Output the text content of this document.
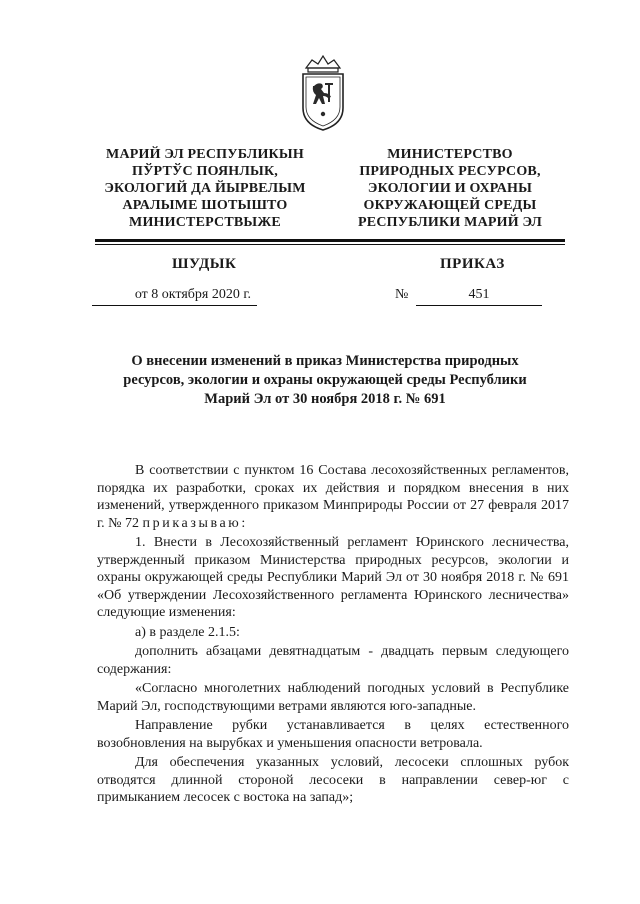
МАРИЙ ЭЛ РЕСПУБЛИКЫН
ПЎРТЎС ПОЯНЛЫК,
ЭКОЛОГИЙ ДА ЙЫРВЕЛЫМ
АРАЛЫМЕ ШОТЫШТО
МИНИСТЕРСТВЫЖЕ
МИНИСТЕРСТВО
ПРИРОДНЫХ РЕСУРСОВ,
ЭКОЛОГИИ И ОХРАНЫ
ОКРУЖАЮЩЕЙ СРЕДЫ
РЕСПУБЛИКИ МАРИЙ ЭЛ
ШУДЫК	ПРИКАЗ
от 8 октября 2020 г.	№	451
О внесении изменений в приказ Министерства природных
ресурсов, экологии и охраны окружающей среды Республики
Марий Эл от 30 ноября 2018 г. № 691

В соответствии с пунктом 16 Состава лесохозяйственных регламентов, порядка их разработки, сроках их действия и порядком внесения в них изменений, утвержденного приказом Минприроды России от 27 февраля 2017 г. № 72 приказываю:

1. Внести в Лесохозяйственный регламент Юринского лесничества, утвержденный приказом Министерства природных ресурсов, экологии и охраны окружающей среды Республики Марий Эл от 30 ноября 2018 г. № 691 «Об утверждении Лесохозяйственного регламента Юринского лесничества» следующие изменения:

а) в разделе 2.1.5:

дополнить абзацами девятнадцатым - двадцать первым следующего содержания:

«Согласно многолетних наблюдений погодных условий в Республике Марий Эл, господствующими ветрами являются юго-западные.

Направление рубки устанавливается в целях естественного возобновления на вырубках и уменьшения опасности ветровала.

Для обеспечения указанных условий, лесосеки сплошных рубок отводятся длинной стороной лесосеки в направлении север-юг с примыканием лесосек с востока на запад»;
